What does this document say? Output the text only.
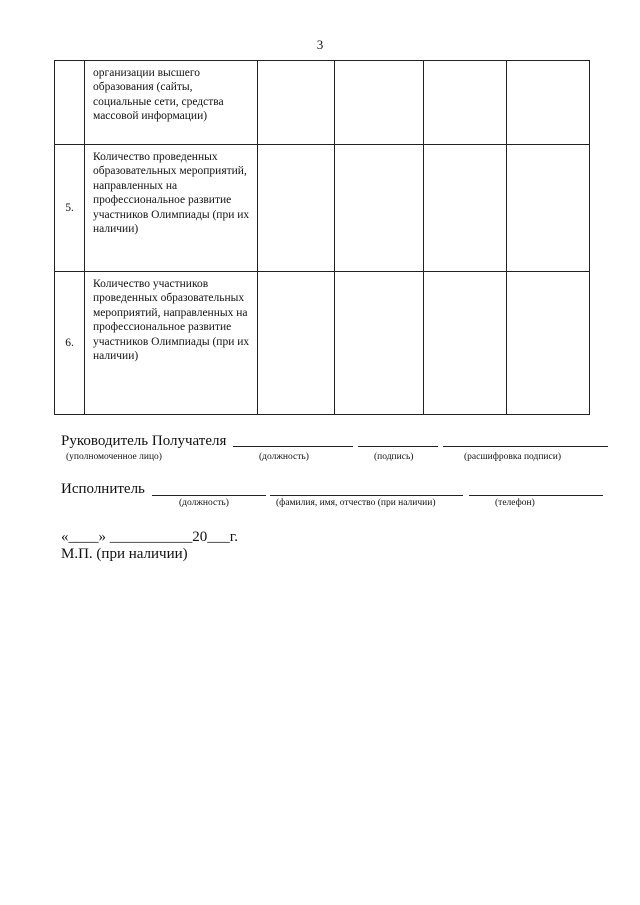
3
	организации высшего образования (сайты, социальные сети, средства массовой информации)				
5.	Количество проведенных образовательных мероприятий, направленных на профессиональное развитие участников Олимпиады (при их наличии)				
6.	Количество участников проведенных образовательных мероприятий, направленных на профессиональное развитие участников Олимпиады (при их наличии)				
Руководитель Получателя
(уполномоченное лицо)	(должность)	(подпись)	(расшифровка подписи)
Исполнитель
(должность)	(фамилия, имя, отчество (при наличии)	(телефон)
«____» ___________20___г.
М.П. (при наличии)
